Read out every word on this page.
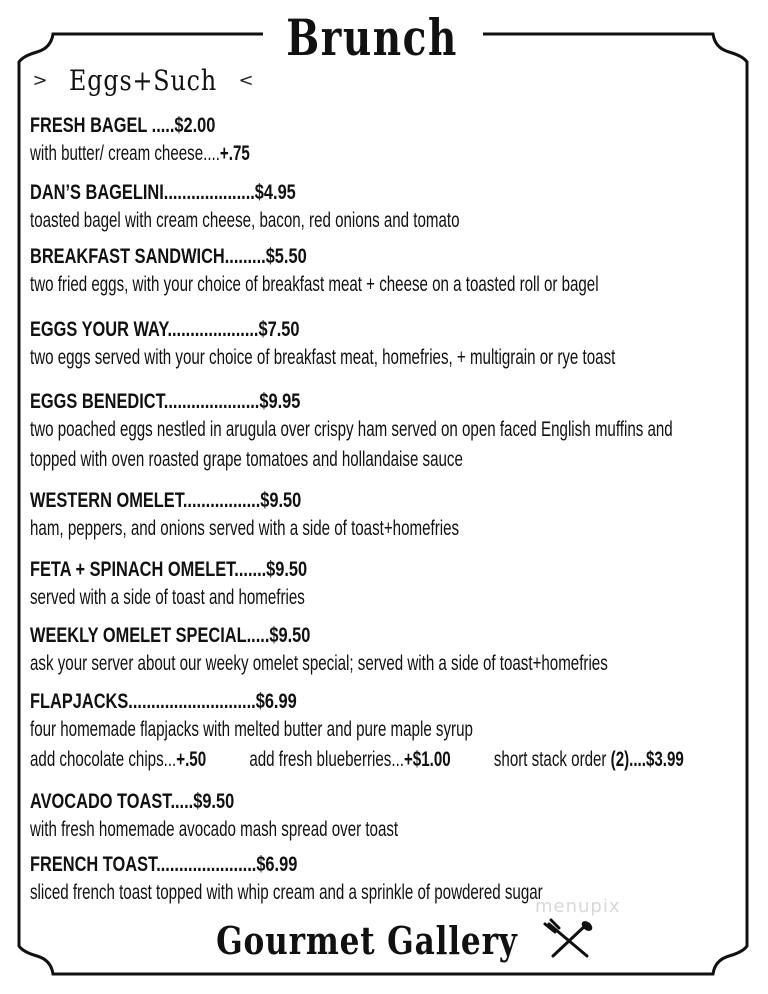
Brunch
> Eggs+Such <
FRESH BAGEL .....$2.00
with butter/ cream cheese....+.75
DAN’S BAGELINI....................$4.95
toasted bagel with cream cheese, bacon, red onions and tomato
BREAKFAST SANDWICH.........$5.50
two fried eggs, with your choice of breakfast meat + cheese on a toasted roll or bagel
EGGS YOUR WAY....................$7.50
two eggs served with your choice of breakfast meat, homefries, + multigrain or rye toast
EGGS BENEDICT.....................$9.95
two poached eggs nestled in arugula over crispy ham served on open faced English muffins and
topped with oven roasted grape tomatoes and hollandaise sauce
WESTERN OMELET.................$9.50
ham, peppers, and onions served with a side of toast+homefries
FETA + SPINACH OMELET.......$9.50
served with a side of toast and homefries
WEEKLY OMELET SPECIAL.....$9.50
ask your server about our weeky omelet special; served with a side of toast+homefries
FLAPJACKS............................$6.99
four homemade flapjacks with melted butter and pure maple syrup
add chocolate chips...+.50 add fresh blueberries...+$1.00 short stack order (2)....$3.99
AVOCADO TOAST.....$9.50
with fresh homemade avocado mash spread over toast
FRENCH TOAST......................$6.99
sliced french toast topped with whip cream and a sprinkle of powdered sugar
menupix
Gourmet Gallery
